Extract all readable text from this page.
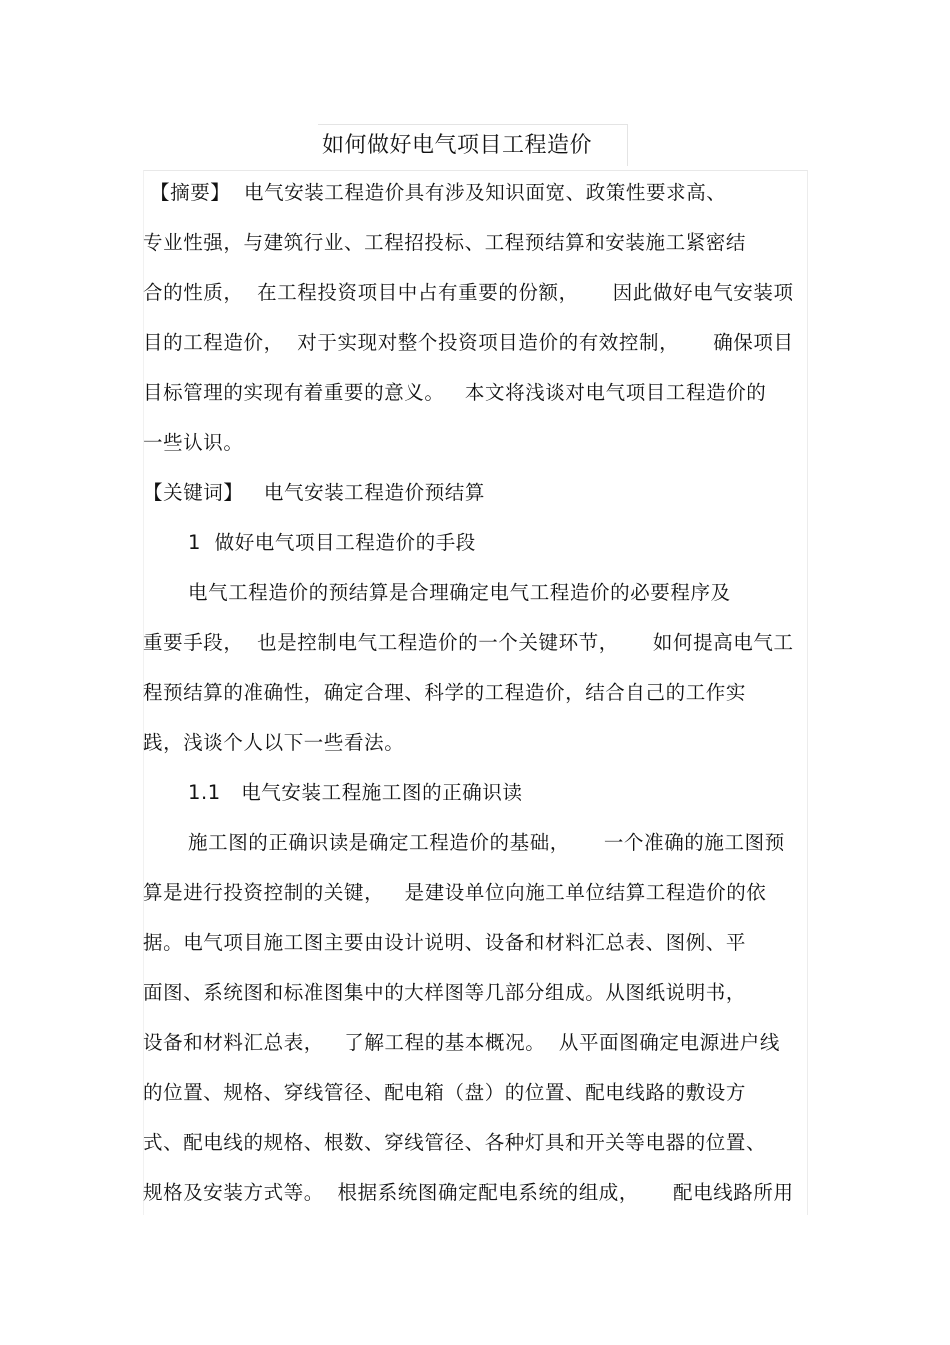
如何做好电气项目工程造价
【摘要】  电气安装工程造价具有涉及知识面宽、政策性要求高、
专业性强，与建筑行业、工程招投标、工程预结算和安装施工紧密结
合的性质，  在工程投资项目中占有重要的份额，     因此做好电气安装项
目的工程造价，  对于实现对整个投资项目造价的有效控制，     确保项目
目标管理的实现有着重要的意义。   本文将浅谈对电气项目工程造价的
一些认识。
【关键词】   电气安装工程造价预结算
1  做好电气项目工程造价的手段
电气工程造价的预结算是合理确定电气工程造价的必要程序及
重要手段，  也是控制电气工程造价的一个关键环节，     如何提高电气工
程预结算的准确性，确定合理、科学的工程造价，结合自己的工作实
践，浅谈个人以下一些看法。
1.1   电气安装工程施工图的正确识读
施工图的正确识读是确定工程造价的基础，     一个准确的施工图预
算是进行投资控制的关键，   是建设单位向施工单位结算工程造价的依
据。电气项目施工图主要由设计说明、设备和材料汇总表、图例、平
面图、系统图和标准图集中的大样图等几部分组成。从图纸说明书，
设备和材料汇总表，   了解工程的基本概况。  从平面图确定电源进户线
的位置、规格、穿线管径、配电箱（盘）的位置、配电线路的敷设方
式、配电线的规格、根数、穿线管径、各种灯具和开关等电器的位置、
规格及安装方式等。  根据系统图确定配电系统的组成，     配电线路所用
